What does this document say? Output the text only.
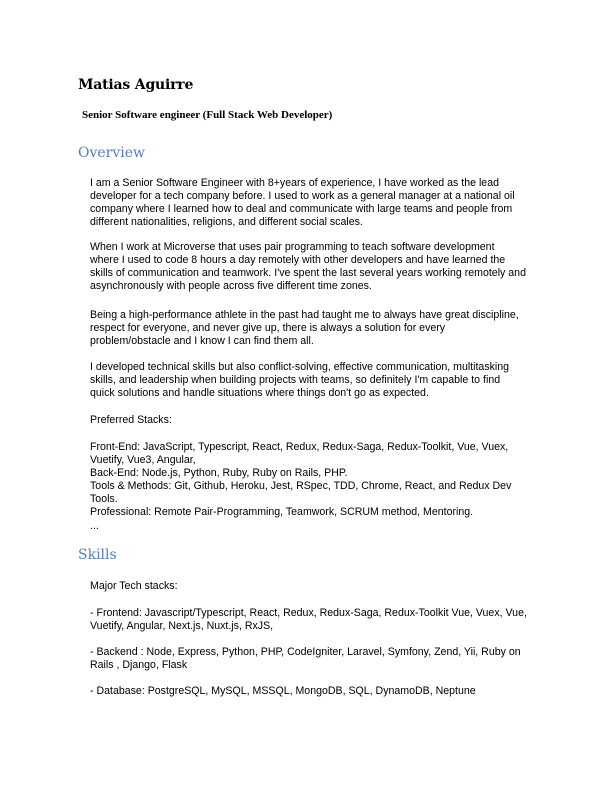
Matias Aguirre
Senior Software engineer (Full Stack Web Developer)
Overview

I am a Senior Software Engineer with 8+years of experience, I have worked as the lead
developer for a tech company before. I used to work as a general manager at a national oil
company where I learned how to deal and communicate with large teams and people from
different nationalities, religions, and different social scales.

When I work at Microverse that uses pair programming to teach software development
where I used to code 8 hours a day remotely with other developers and have learned the
skills of communication and teamwork. I've spent the last several years working remotely and
asynchronously with people across five different time zones.

Being a high-performance athlete in the past had taught me to always have great discipline,
respect for everyone, and never give up, there is always a solution for every
problem/obstacle and I know I can find them all.

I developed technical skills but also conflict-solving, effective communication, multitasking
skills, and leadership when building projects with teams, so definitely I'm capable to find
quick solutions and handle situations where things don't go as expected.

Preferred Stacks:

Front-End: JavaScript, Typescript, React, Redux, Redux-Saga, Redux-Toolkit, Vue, Vuex,
Vuetify, Vue3, Angular,
Back-End: Node.js, Python, Ruby, Ruby on Rails, PHP.
Tools & Methods: Git, Github, Heroku, Jest, RSpec, TDD, Chrome, React, and Redux Dev
Tools.
Professional: Remote Pair-Programming, Teamwork, SCRUM method, Mentoring.

...

Skills

Major Tech stacks:

- Frontend: Javascript/Typescript, React, Redux, Redux-Saga, Redux-Toolkit Vue, Vuex, Vue,
Vuetify, Angular, Next.js, Nuxt.js, RxJS,

- Backend : Node, Express, Python, PHP, CodeIgniter, Laravel, Symfony, Zend, Yii, Ruby on
Rails , Django, Flask

- Database: PostgreSQL, MySQL, MSSQL, MongoDB, SQL, DynamoDB, Neptune
